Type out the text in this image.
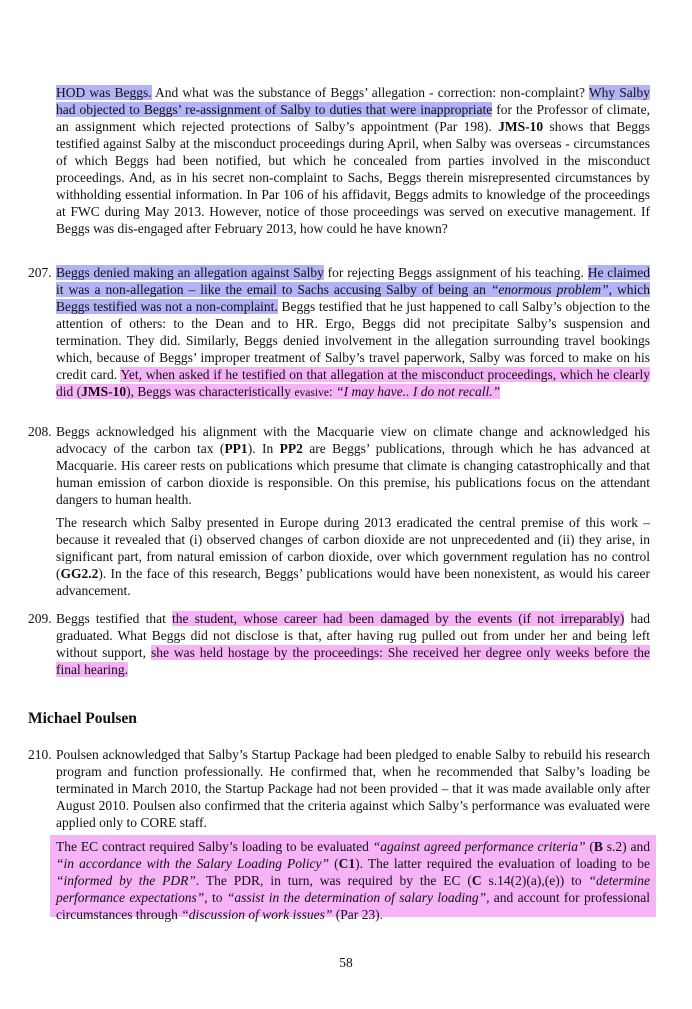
HOD was Beggs. And what was the substance of Beggs’ allegation - correction: non-complaint? Why Salby had objected to Beggs’ re-assignment of Salby to duties that were inappropriate for the Professor of climate, an assignment which rejected protections of Salby’s appointment (Par 198). JMS-10 shows that Beggs testified against Salby at the misconduct proceedings during April, when Salby was overseas - circumstances of which Beggs had been notified, but which he concealed from parties involved in the misconduct proceedings. And, as in his secret non-complaint to Sachs, Beggs therein misrepresented circumstances by withholding essential information. In Par 106 of his affidavit, Beggs admits to knowledge of the proceedings at FWC during May 2013. However, notice of those proceedings was served on executive management. If Beggs was dis-engaged after February 2013, how could he have known?

207. Beggs denied making an allegation against Salby for rejecting Beggs assignment of his teaching. He claimed it was a non-allegation – like the email to Sachs accusing Salby of being an “enormous problem”, which Beggs testified was not a non-complaint. Beggs testified that he just happened to call Salby’s objection to the attention of others: to the Dean and to HR. Ergo, Beggs did not precipitate Salby’s suspension and termination. They did. Similarly, Beggs denied involvement in the allegation surrounding travel bookings which, because of Beggs’ improper treatment of Salby’s travel paperwork, Salby was forced to make on his credit card. Yet, when asked if he testified on that allegation at the misconduct proceedings, which he clearly did (JMS-10), Beggs was characteristically evasive: “I may have.. I do not recall.”

208. Beggs acknowledged his alignment with the Macquarie view on climate change and acknowledged his advocacy of the carbon tax (PP1). In PP2 are Beggs’ publications, through which he has advanced at Macquarie. His career rests on publications which presume that climate is changing catastrophically and that human emission of carbon dioxide is responsible. On this premise, his publications focus on the attendant dangers to human health.

The research which Salby presented in Europe during 2013 eradicated the central premise of this work – because it revealed that (i) observed changes of carbon dioxide are not unprecedented and (ii) they arise, in significant part, from natural emission of carbon dioxide, over which government regulation has no control (GG2.2). In the face of this research, Beggs’ publications would have been nonexistent, as would his career advancement.

209. Beggs testified that the student, whose career had been damaged by the events (if not irreparably) had graduated. What Beggs did not disclose is that, after having rug pulled out from under her and being left without support, she was held hostage by the proceedings: She received her degree only weeks before the final hearing.

Michael Poulsen
210. Poulsen acknowledged that Salby’s Startup Package had been pledged to enable Salby to rebuild his research program and function professionally. He confirmed that, when he recommended that Salby’s loading be terminated in March 2010, the Startup Package had not been provided – that it was made available only after August 2010. Poulsen also confirmed that the criteria against which Salby’s performance was evaluated were applied only to CORE staff.

The EC contract required Salby’s loading to be evaluated “against agreed performance criteria” (B s.2) and “in accordance with the Salary Loading Policy” (C1). The latter required the evaluation of loading to be “informed by the PDR”. The PDR, in turn, was required by the EC (C s.14(2)(a),(e)) to “determine performance expectations”, to “assist in the determination of salary loading”, and account for professional circumstances through “discussion of work issues” (Par 23).

58
